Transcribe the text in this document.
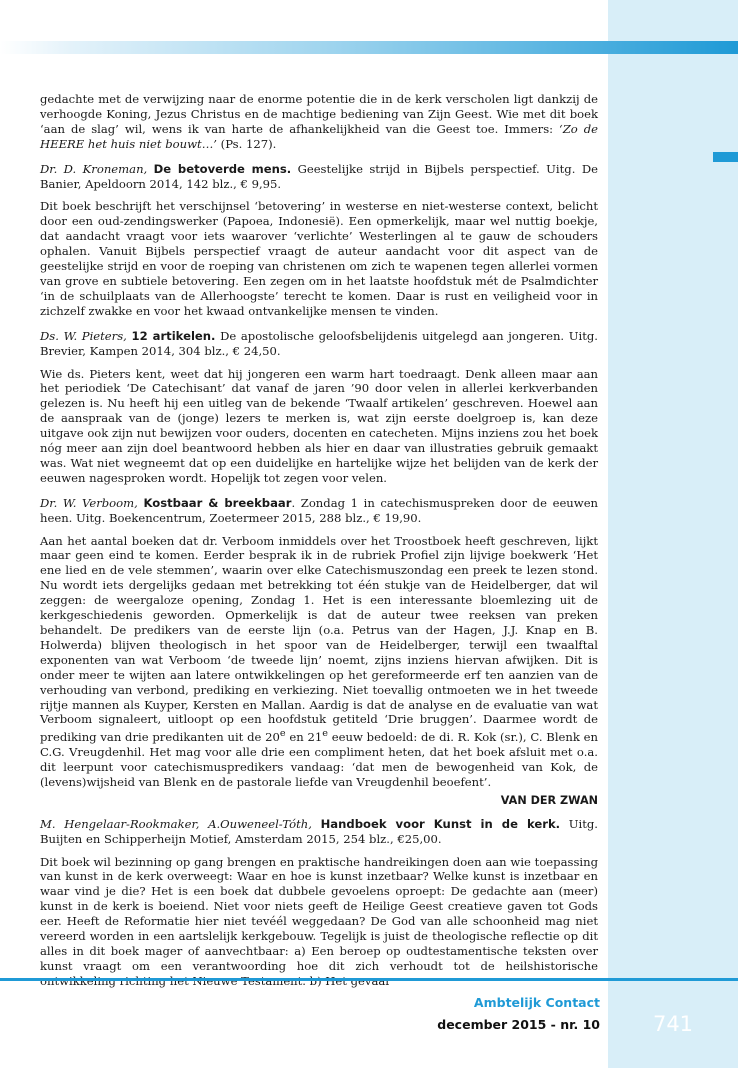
gedachte met de verwijzing naar de enorme potentie die in de kerk verscholen ligt dankzij de verhoogde Koning, Jezus Christus en de machtige bediening van Zijn Geest. Wie met dit boek ‘aan de slag’ wil, wens ik van harte de afhankelijkheid van die Geest toe. Immers: ‘Zo de HEERE het huis niet bouwt…’ (Ps. 127).

Dr. D. Kroneman, De betoverde mens. Geestelijke strijd in Bijbels perspectief. Uitg. De Banier, Apeldoorn 2014, 142 blz., € 9,95.

Dit boek beschrijft het verschijnsel ‘betovering’ in westerse en niet-westerse context, belicht door een oud-zendingswerker (Papoea, Indonesië). Een opmerkelijk, maar wel nuttig boekje, dat aandacht vraagt voor iets waarover ‘verlichte’ Westerlingen al te gauw de schouders ophalen. Vanuit Bijbels perspectief vraagt de auteur aandacht voor dit aspect van de geestelijke strijd en voor de roeping van christenen om zich te wapenen tegen allerlei vormen van grove en subtiele betovering. Een zegen om in het laatste hoofdstuk mét de Psalmdichter ‘in de schuilplaats van de Allerhoogste’ terecht te komen. Daar is rust en veiligheid voor in zichzelf zwakke en voor het kwaad ontvankelijke mensen te vinden.

Ds. W. Pieters, 12 artikelen. De apostolische geloofsbelijdenis uitgelegd aan jongeren. Uitg. Brevier, Kampen 2014, 304 blz., € 24,50.

Wie ds. Pieters kent, weet dat hij jongeren een warm hart toedraagt. Denk alleen maar aan het periodiek ‘De Catechisant’ dat vanaf de jaren ’90 door velen in allerlei kerkverbanden gelezen is. Nu heeft hij een uitleg van de bekende ‘Twaalf artikelen’ geschreven. Hoewel aan de aanspraak van de (jonge) lezers te merken is, wat zijn eerste doelgroep is, kan deze uitgave ook zijn nut bewijzen voor ouders, docenten en catecheten. Mijns inziens zou het boek nóg meer aan zijn doel beantwoord hebben als hier en daar van illustraties gebruik gemaakt was. Wat niet wegneemt dat op een duidelijke en hartelijke wijze het belijden van de kerk der eeuwen nagesproken wordt. Hopelijk tot zegen voor velen.

Dr. W. Verboom, Kostbaar & breekbaar. Zondag 1 in catechismuspreken door de eeuwen heen. Uitg. Boekencentrum, Zoetermeer 2015, 288 blz., € 19,90.

Aan het aantal boeken dat dr. Verboom inmiddels over het Troostboek heeft geschreven, lijkt maar geen eind te komen. Eerder besprak ik in de rubriek Profiel zijn lijvige boekwerk ‘Het ene lied en de vele stemmen’, waarin over elke Catechismuszondag een preek te lezen stond. Nu wordt iets dergelijks gedaan met betrekking tot één stukje van de Heidelberger, dat wil zeggen: de weergaloze opening, Zondag 1. Het is een interessante bloemlezing uit de kerkgeschiedenis geworden. Opmerkelijk is dat de auteur twee reeksen van preken behandelt. De predikers van de eerste lijn (o.a. Petrus van der Hagen, J.J. Knap en B. Holwerda) blijven theologisch in het spoor van de Heidelberger, terwijl een twaalftal exponenten van wat Verboom ‘de tweede lijn’ noemt, zijns inziens hiervan afwijken. Dit is onder meer te wijten aan latere ontwikkelingen op het gereformeerde erf ten aanzien van de verhouding van verbond, prediking en verkiezing. Niet toevallig ontmoeten we in het tweede rijtje mannen als Kuyper, Kersten en Mallan. Aardig is dat de analyse en de evaluatie van wat Verboom signaleert, uitloopt op een hoofdstuk getiteld ‘Drie bruggen’. Daarmee wordt de prediking van drie predikanten uit de 20e en 21e eeuw bedoeld: de di. R. Kok (sr.), C. Blenk en C.G. Vreugdenhil. Het mag voor alle drie een compliment heten, dat het boek afsluit met o.a. dit leerpunt voor catechismuspredikers vandaag: ‘dat men de bewogenheid van Kok, de (levens)wijsheid van Blenk en de pastorale liefde van Vreugdenhil beoefent’.

VAN DER ZWAN

M. Hengelaar-Rookmaker, A.Ouweneel-Tóth, Handboek voor Kunst in de kerk. Uitg. Buijten en Schipperheijn Motief, Amsterdam 2015, 254 blz., €25,00.

Dit boek wil bezinning op gang brengen en praktische handreikingen doen aan wie toepassing van kunst in de kerk overweegt: Waar en hoe is kunst inzetbaar? Welke kunst is inzetbaar en waar vind je die? Het is een boek dat dubbele gevoelens oproept: De gedachte aan (meer) kunst in de kerk is boeiend. Niet voor niets geeft de Heilige Geest creatieve gaven tot Gods eer. Heeft de Reformatie hier niet tevéél weggedaan? De God van alle schoonheid mag niet vereerd worden in een aartslelijk kerkgebouw. Tegelijk is juist de theologische reflectie op dit alles in dit boek mager of aanvechtbaar: a) Een beroep op oudtestamentische teksten over kunst vraagt om een verantwoording hoe dit zich verhoudt tot de heilshistorische

Ambtelijk Contact
december 2015 - nr. 10	741
